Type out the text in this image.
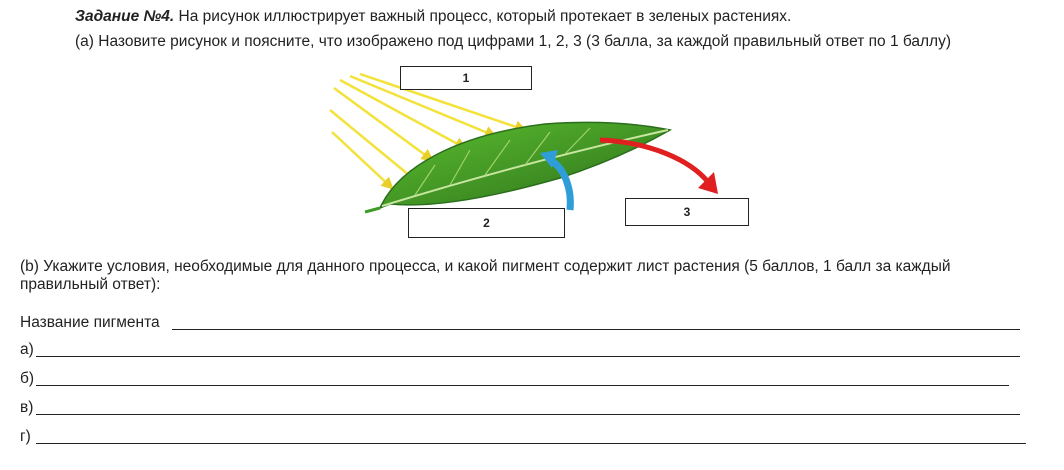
Задание №4. На рисунок иллюстрирует важный процесс, который протекает в зеленых растениях.
(а) Назовите рисунок и поясните, что изображено под цифрами 1, 2, 3 (3 балла, за каждой правильный ответ по 1 баллу)
1
2
3
(b) Укажите условия, необходимые для данного процесса, и какой пигмент содержит лист растения (5 баллов, 1 балл за каждый
правильный ответ):
Название пигмента
а)
б)
в)
г)
